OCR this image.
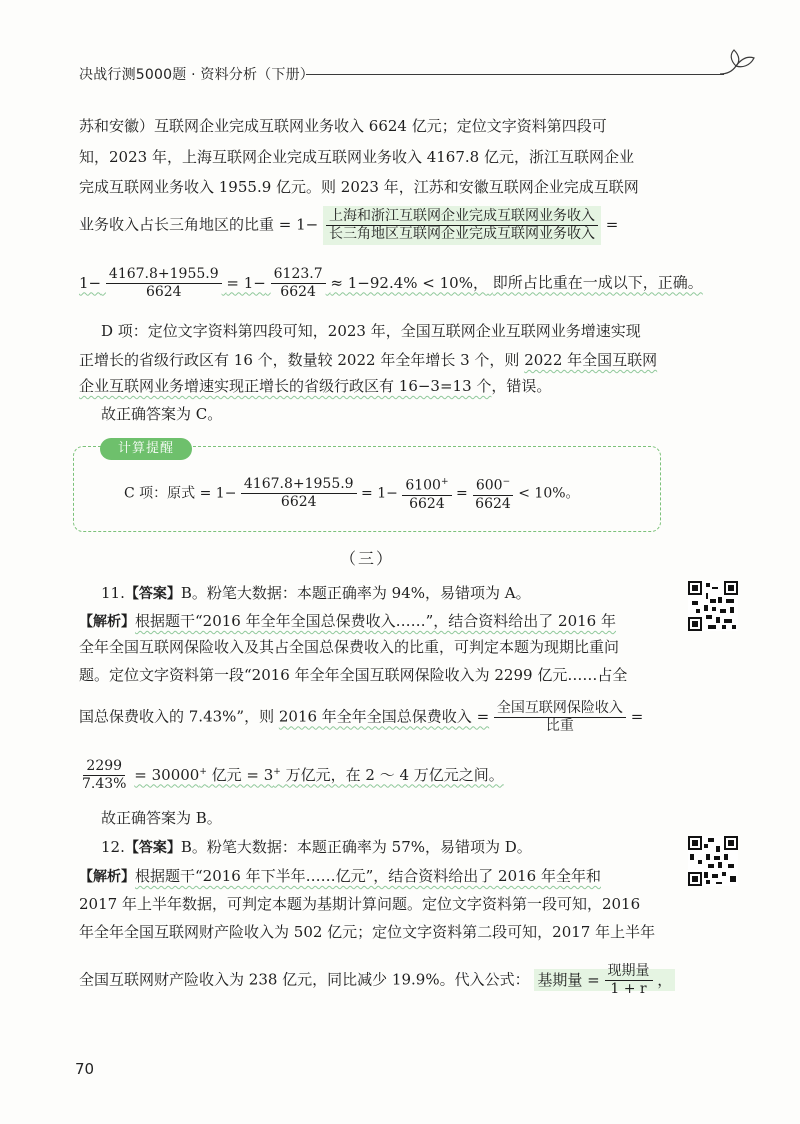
决战行测5000题 · 资料分析（下册）
苏和安徽）互联网企业完成互联网业务收入 6624 亿元；定位文字资料第四段可
知，2023 年，上海互联网企业完成互联网业务收入 4167.8 亿元，浙江互联网企业
完成互联网业务收入 1955.9 亿元。则 2023 年，江苏和安徽互联网企业完成互联网
业务收入占长三角地区的比重 = $1- \frac{\text{上海和浙江互联网企业完成互联网业务收入}}{\text{长三角地区互联网企业完成互联网业务收入}}$ =
$1- \frac{4167.8+1955.9}{6624} = 1- \frac{6123.7}{6624} \approx 1-92.4\% < 10\%$， 即所占比重在一成以下，正确。
D 项：定位文字资料第四段可知，2023 年，全国互联网企业互联网业务增速实现
正增长的省级行政区有 16 个，数量较 2022 年全年增长 3 个，则 2022 年全国互联网
企业互联网业务增速实现正增长的省级行政区有 16−3=13 个，错误。
故正确答案为 C。
计算提醒
C 项：原式 = $1- \frac{4167.8+1955.9}{6624} = 1- \frac{6100^+}{6624} = \frac{600^-}{6624} < 10\%$。
（三）
11.【答案】B。粉笔大数据：本题正确率为 94%，易错项为 A。
【解析】根据题干“2016 年全年全国总保费收入……”，结合资料给出了 2016 年
全年全国互联网保险收入及其占全国总保费收入的比重，可判定本题为现期比重问
题。定位文字资料第一段“2016 年全年全国互联网保险收入为 2299 亿元……占全
国总保费收入的 7.43%”，则 2016 年全年全国总保费收入 = $\frac{\text{全国互联网保险收入}}{\text{比重}}$ =
$\frac{2299}{7.43\%} = 30000^+$ 亿元 = 3+ 万亿元，在 2 ～ 4 万亿元之间。
故正确答案为 B。
12.【答案】B。粉笔大数据：本题正确率为 57%，易错项为 D。
【解析】根据题干“2016 年下半年……亿元”，结合资料给出了 2016 年全年和
2017 年上半年数据，可判定本题为基期计算问题。定位文字资料第一段可知，2016
年全年全国互联网财产险收入为 502 亿元；定位文字资料第二段可知，2017 年上半年
全国互联网财产险收入为 238 亿元，同比减少 19.9%。代入公式： 基期量 = $\frac{\text{现期量}}{1 + r}$ ，
70
